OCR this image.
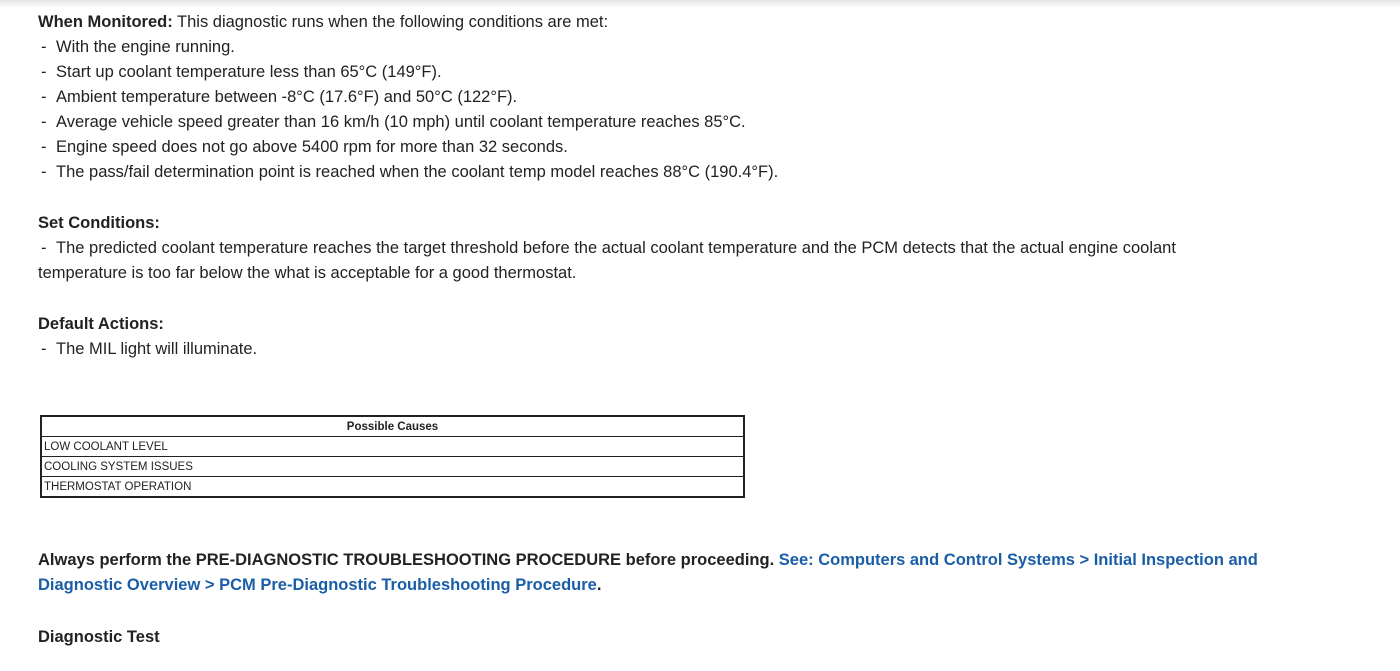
When Monitored: This diagnostic runs when the following conditions are met:
- With the engine running.
- Start up coolant temperature less than 65°C (149°F).
- Ambient temperature between -8°C (17.6°F) and 50°C (122°F).
- Average vehicle speed greater than 16 km/h (10 mph) until coolant temperature reaches 85°C.
- Engine speed does not go above 5400 rpm for more than 32 seconds.
- The pass/fail determination point is reached when the coolant temp model reaches 88°C (190.4°F).
Set Conditions:
- The predicted coolant temperature reaches the target threshold before the actual coolant temperature and the PCM detects that the actual engine coolant
temperature is too far below the what is acceptable for a good thermostat.
Default Actions:
- The MIL light will illuminate.
Possible Causes
LOW COOLANT LEVEL
COOLING SYSTEM ISSUES
THERMOSTAT OPERATION
Always perform the PRE-DIAGNOSTIC TROUBLESHOOTING PROCEDURE before proceeding. See: Computers and Control Systems > Initial Inspection and
Diagnostic Overview > PCM Pre-Diagnostic Troubleshooting Procedure.
Diagnostic Test
